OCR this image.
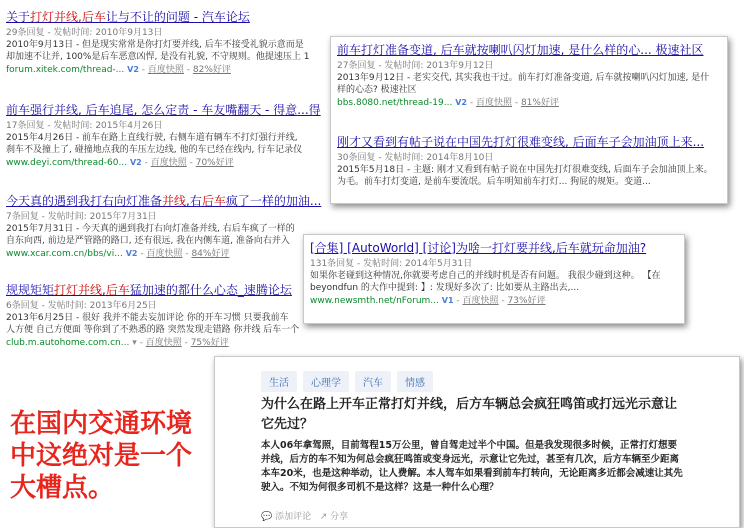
关于打灯并线,后车让与不让的问题 - 汽车论坛
29条回复 - 发帖时间: 2010年9月13日
2010年9月13日 - 但是现实常常是你打灯要并线, 后车不接受礼貌示意而是
却加速不让并, 100%是后车恶意凶悍, 是没有礼貌, 不守规则。他提速压上 1
forum.xitek.com/thread-... V2 - 百度快照 - 82%好评
前车强行并线, 后车追尾, 怎么定责 - 车友嘴翻天 - 得意...得
17条回复 - 发帖时间: 2015年4月26日
2015年4月26日 - 前车在路上直线行驶, 右侧车道有辆车不打灯强行并线,
刹车不及撞上了, 碰撞地点我的车压左边线, 他的车已经在线内, 行车记录仪
www.deyi.com/thread-60... V2 - 百度快照 - 70%好评
今天真的遇到我打右向灯准备并线,右后车疯了一样的加油...
7条回复 - 发帖时间: 2015年7月31日
2015年7月31日 - 今天真的遇到我打右向灯准备并线, 右后车疯了一样的
自东向西, 前边是严管路的路口, 还有很远, 我在内侧车道, 准备向右并入
www.xcar.com.cn/bbs/vi... V2 - 百度快照 - 84%好评
规规矩矩打灯并线,后车猛加速的都什么心态_速腾论坛
6条回复 - 发帖时间: 2013年6月25日
2013年6月25日 - 很好 我并不能去妄加评论 你的开车习惯 只要我前车
人方便 自己方便面 等你到了不熟悉的路 突然发现走错路 你并线 后车一个
club.m.autohome.com.cn... ▾ - 百度快照 - 75%好评
前车打灯准备变道, 后车就按喇叭闪灯加速, 是什么样的心... 极速社区
27条回复 - 发帖时间: 2013年9月12日
2013年9月12日 - 老实交代, 其实我也干过。前车打灯准备变道, 后车就按喇叭闪灯加速, 是什
样的心态? 极速社区
bbs.8080.net/thread-19... V2 - 百度快照 - 81%好评
刚才又看到有帖子说在中国先打灯很难变线, 后面车子会加油顶上来...
30条回复 - 发帖时间: 2014年8月10日
2015年5月18日 - 主题: 刚才又看到有帖子说在中国先打灯很难变线, 后面车子会加油顶上来。
为毛。前车打灯变道, 是前车要流氓。后车明知前车打灯... 狗屁的规矩。变道...
[合集] [AutoWorld] [讨论]为啥一打灯要并线,后车就玩命加油?
131条回复 - 发帖时间: 2014年5月31日
如果你老碰到这种情况,你就要考虑自己的并线时机是否有问题。 我很少碰到这种。 【在
beyondfun 的大作中提到: 】: 发现好多次了: 比如要从主路出去,...
www.newsmth.net/nForum... V1 - 百度快照 - 73%好评
生活 心理学 汽车 情感
为什么在路上开车正常打灯并线，后方车辆总会疯狂鸣笛或打远光示意让它先过？
本人06年拿驾照，目前驾程15万公里，曾自驾走过半个中国。但是我发现很多时候，正常打灯想要并线，后方的车不知为何总会疯狂鸣笛或变身远光，示意让它先过，甚至有几次，后方车辆至少距离本车20米，也是这种举动，让人费解。本人驾车如果看到前车打转向，无论距离多近都会减速让其先驶入。不知为何很多司机不是这样？这是一种什么心理？
💬 添加评论 ↗ 分享
在国内交通环境中这绝对是一个大槽点。
